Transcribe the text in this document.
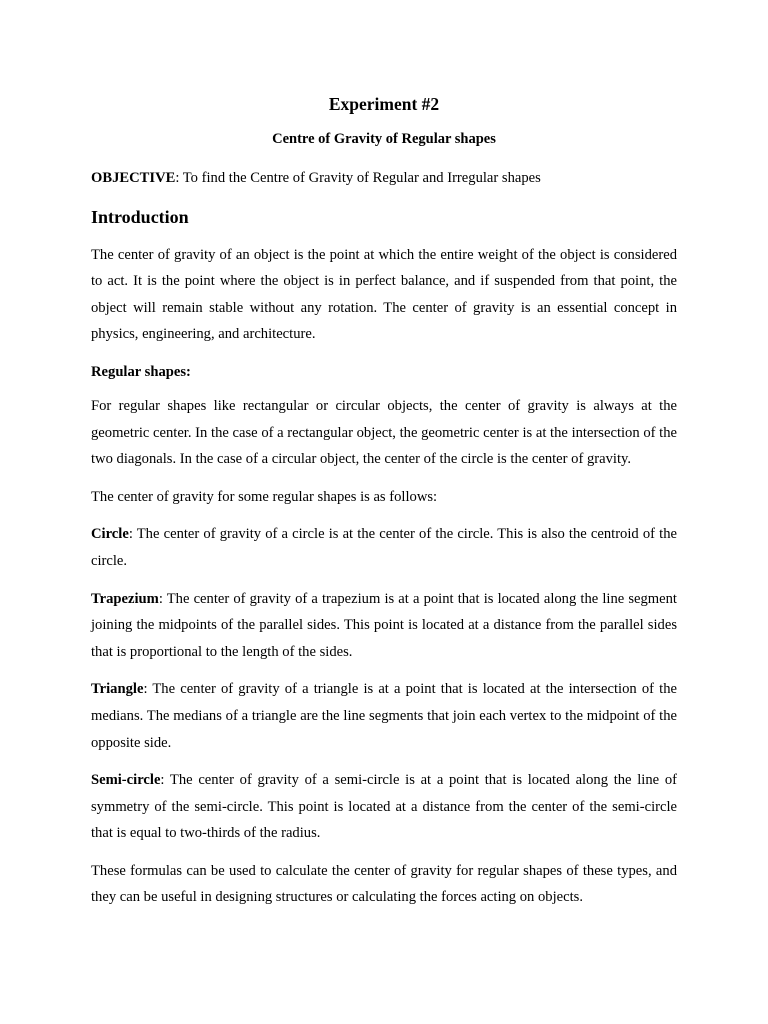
Experiment #2
Centre of Gravity of Regular shapes

OBJECTIVE: To find the Centre of Gravity of Regular and Irregular shapes

Introduction

The center of gravity of an object is the point at which the entire weight of the object is considered to act. It is the point where the object is in perfect balance, and if suspended from that point, the object will remain stable without any rotation. The center of gravity is an essential concept in physics, engineering, and architecture.

Regular shapes:

For regular shapes like rectangular or circular objects, the center of gravity is always at the geometric center. In the case of a rectangular object, the geometric center is at the intersection of the two diagonals. In the case of a circular object, the center of the circle is the center of gravity.

The center of gravity for some regular shapes is as follows:

Circle: The center of gravity of a circle is at the center of the circle. This is also the centroid of the circle.

Trapezium: The center of gravity of a trapezium is at a point that is located along the line segment joining the midpoints of the parallel sides. This point is located at a distance from the parallel sides that is proportional to the length of the sides.

Triangle: The center of gravity of a triangle is at a point that is located at the intersection of the medians. The medians of a triangle are the line segments that join each vertex to the midpoint of the opposite side.

Semi-circle: The center of gravity of a semi-circle is at a point that is located along the line of symmetry of the semi-circle. This point is located at a distance from the center of the semi-circle that is equal to two-thirds of the radius.

These formulas can be used to calculate the center of gravity for regular shapes of these types, and they can be useful in designing structures or calculating the forces acting on objects.
